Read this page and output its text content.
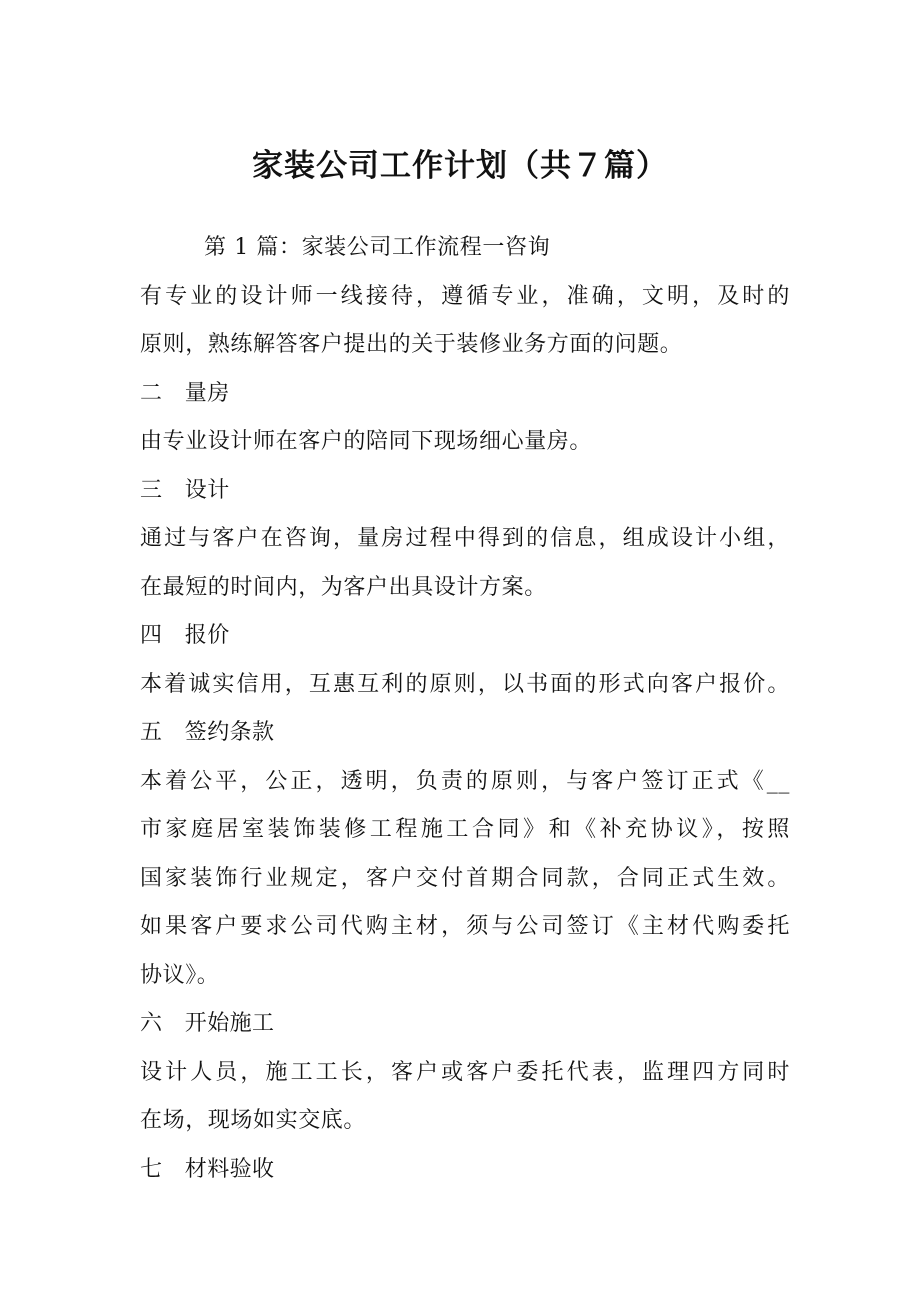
家装公司工作计划（共７篇）
第 1 篇：家装公司工作流程一咨询
有专业的设计师一线接待，遵循专业，准确，文明，及时的
原则，熟练解答客户提出的关于装修业务方面的问题。
二　量房
由专业设计师在客户的陪同下现场细心量房。
三　设计
通过与客户在咨询，量房过程中得到的信息，组成设计小组，
在最短的时间内，为客户出具设计方案。
四　报价
本着诚实信用，互惠互利的原则，以书面的形式向客户报价。
五　签约条款
本着公平，公正，透明，负责的原则，与客户签订正式《__
市家庭居室装饰装修工程施工合同》和《补充协议》，按照
国家装饰行业规定，客户交付首期合同款，合同正式生效。
如果客户要求公司代购主材，须与公司签订《主材代购委托
协议》。
六　开始施工
设计人员，施工工长，客户或客户委托代表，监理四方同时
在场，现场如实交底。
七　材料验收
